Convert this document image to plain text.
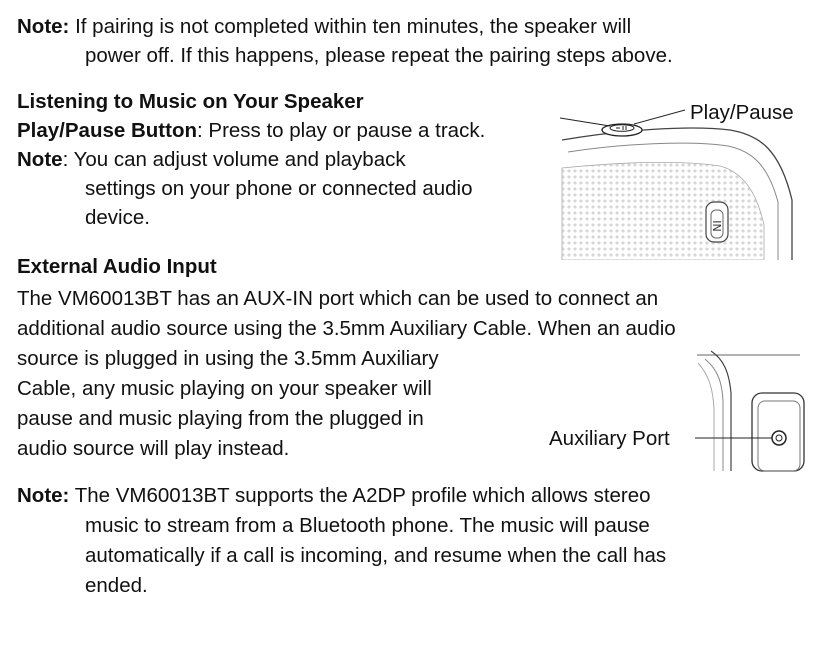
Note: If pairing is not completed within ten minutes, the speaker will
power off. If this happens, please repeat the pairing steps above.
Listening to Music on Your Speaker
Play/Pause Button: Press to play or pause a track.
Note: You can adjust volume and playback
settings on your phone or connected audio
device.	NI
Play/Pause
External Audio Input
The VM60013BT has an AUX-IN port which can be used to connect an
additional audio source using the 3.5mm Auxiliary Cable. When an audio
source is plugged in using the 3.5mm Auxiliary
Cable, any music playing on your speaker will
pause and music playing from the plugged in
audio source will play instead.	Auxiliary Port
Note: The VM60013BT supports the A2DP profile which allows stereo
music to stream from a Bluetooth phone. The music will pause
automatically if a call is incoming, and resume when the call has
ended.
